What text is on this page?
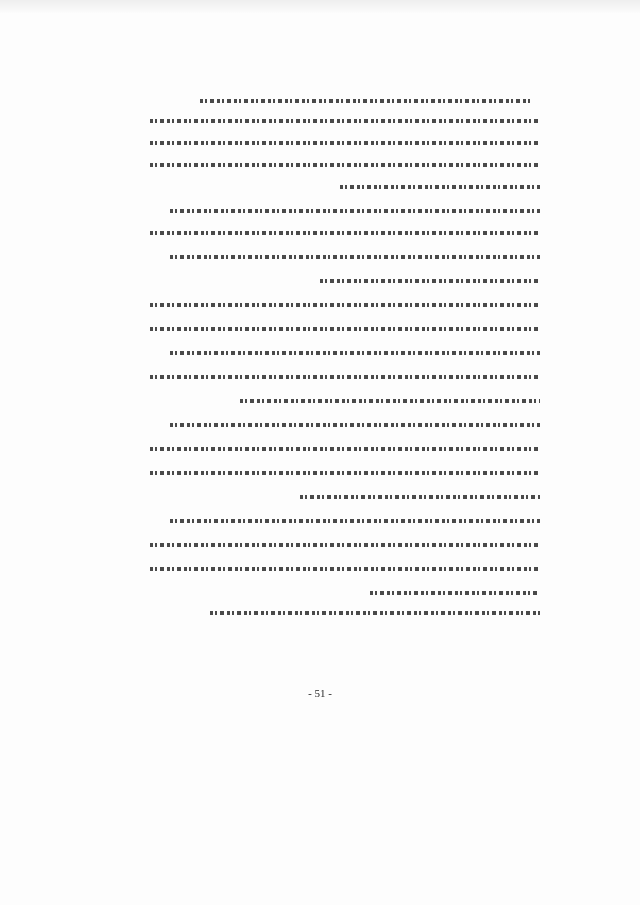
- 51 -
